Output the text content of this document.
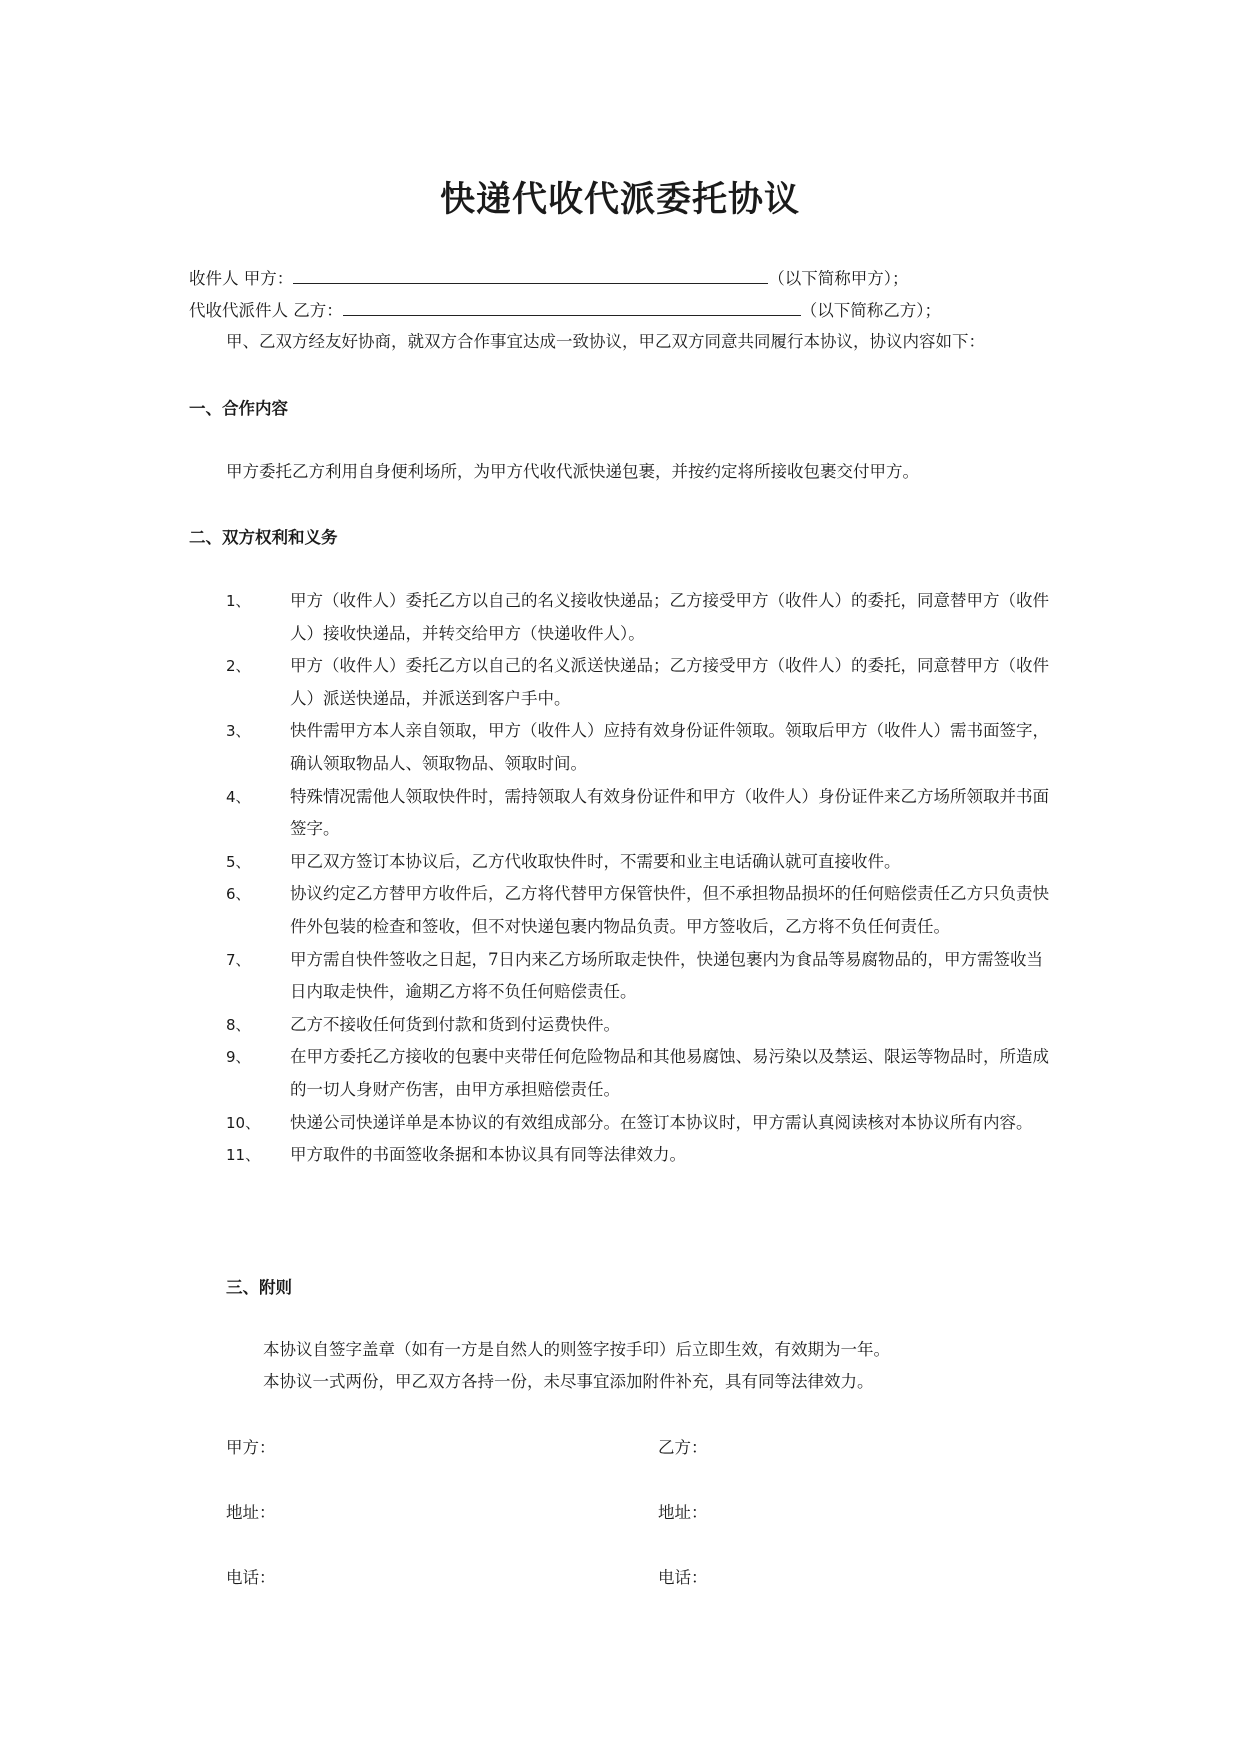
快递代收代派委托协议
收件人 甲方：	（以下简称甲方）；
代收代派件人 乙方：	（以下简称乙方）；
甲、乙双方经友好协商，就双方合作事宜达成一致协议，甲乙双方同意共同履行本协议，协议内容如下：
一、合作内容
甲方委托乙方利用自身便利场所，为甲方代收代派快递包裹，并按约定将所接收包裹交付甲方。
二、双方权利和义务
1、 甲方（收件人）委托乙方以自己的名义接收快递品；乙方接受甲方（收件人）的委托，同意替甲方（收件人）接收快递品，并转交给甲方（快递收件人）。
2、 甲方（收件人）委托乙方以自己的名义派送快递品；乙方接受甲方（收件人）的委托，同意替甲方（收件人）派送快递品，并派送到客户手中。
3、 快件需甲方本人亲自领取，甲方（收件人）应持有效身份证件领取。领取后甲方（收件人）需书面签字，确认领取物品人、领取物品、领取时间。
4、 特殊情况需他人领取快件时，需持领取人有效身份证件和甲方（收件人）身份证件来乙方场所领取并书面签字。
5、 甲乙双方签订本协议后，乙方代收取快件时，不需要和业主电话确认就可直接收件。
6、 协议约定乙方替甲方收件后，乙方将代替甲方保管快件，但不承担物品损坏的任何赔偿责任乙方只负责快件外包装的检查和签收，但不对快递包裹内物品负责。甲方签收后，乙方将不负任何责任。
7、 甲方需自快件签收之日起，7日内来乙方场所取走快件，快递包裹内为食品等易腐物品的，甲方需签收当日内取走快件，逾期乙方将不负任何赔偿责任。
8、 乙方不接收任何货到付款和货到付运费快件。
9、 在甲方委托乙方接收的包裹中夹带任何危险物品和其他易腐蚀、易污染以及禁运、限运等物品时，所造成的一切人身财产伤害，由甲方承担赔偿责任。
10、 快递公司快递详单是本协议的有效组成部分。在签订本协议时，甲方需认真阅读核对本协议所有内容。
11、 甲方取件的书面签收条据和本协议具有同等法律效力。
三、附则
本协议自签字盖章（如有一方是自然人的则签字按手印）后立即生效，有效期为一年。
本协议一式两份，甲乙双方各持一份，未尽事宜添加附件补充，具有同等法律效力。
甲方：	乙方：
地址：	地址：
电话：	电话：
